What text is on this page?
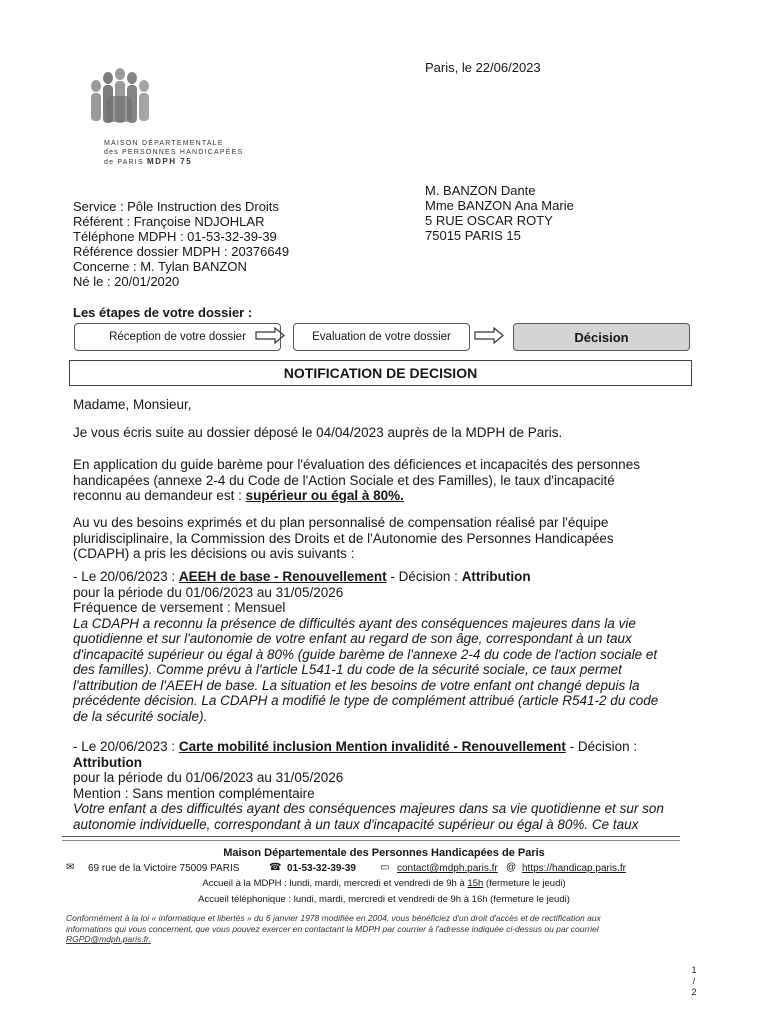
MAISON DÉPARTEMENTALE
des PERSONNES HANDICAPÉES
de PARIS MDPH 75
Paris, le 22/06/2023
M. BANZON Dante
Mme BANZON Ana Marie
5 RUE OSCAR ROTY
75015 PARIS 15
Service : Pôle Instruction des Droits
Référent : Françoise NDJOHLAR
Téléphone MDPH : 01-53-32-39-39
Référence dossier MDPH : 20376649
Concerne : M. Tylan BANZON
Né le : 20/01/2020
Les étapes de votre dossier :
Réception de votre dossier	Evaluation de votre dossier	Décision
NOTIFICATION DE DECISION
Madame, Monsieur,
Je vous écris suite au dossier déposé le 04/04/2023 auprès de la MDPH de Paris.
En application du guide barème pour l'évaluation des déficiences et incapacités des personnes
handicapées (annexe 2-4 du Code de l'Action Sociale et des Familles), le taux d'incapacité
reconnu au demandeur est : supérieur ou égal à 80%.
Au vu des besoins exprimés et du plan personnalisé de compensation réalisé par l'équipe
pluridisciplinaire, la Commission des Droits et de l'Autonomie des Personnes Handicapées
(CDAPH) a pris les décisions ou avis suivants :
- Le 20/06/2023 : AEEH de base - Renouvellement - Décision : Attribution
pour la période du 01/06/2023 au 31/05/2026
Fréquence de versement : Mensuel
La CDAPH a reconnu la présence de difficultés ayant des conséquences majeures dans la vie
quotidienne et sur l'autonomie de votre enfant au regard de son âge, correspondant à un taux
d'incapacité supérieur ou égal à 80% (guide barème de l'annexe 2-4 du code de l'action sociale et
des familles). Comme prévu à l'article L541-1 du code de la sécurité sociale, ce taux permet
l'attribution de l'AEEH de base. La situation et les besoins de votre enfant ont changé depuis la
précédente décision. La CDAPH a modifié le type de complément attribué (article R541-2 du code
de la sécurité sociale).
- Le 20/06/2023 : Carte mobilité inclusion Mention invalidité - Renouvellement - Décision :
Attribution
pour la période du 01/06/2023 au 31/05/2026
Mention : Sans mention complémentaire
Votre enfant a des difficultés ayant des conséquences majeures dans sa vie quotidienne et sur son
autonomie individuelle, correspondant à un taux d'incapacité supérieur ou égal à 80%. Ce taux
Maison Départementale des Personnes Handicapées de Paris
✉ 69 rue de la Victoire 75009 PARIS	☎ 01-53-32-39-39 ▭ contact@mdph.paris.fr @ https://handicap.paris.fr
Accueil à la MDPH : lundi, mardi, mercredi et vendredi de 9h à 15h (fermeture le jeudi)
Accueil téléphonique : lundi, mardi, mercredi et vendredi de 9h à 16h (fermeture le jeudi)
Conformément à la loi « informatique et libertés » du 6 janvier 1978 modifiée en 2004, vous bénéficiez d'un droit d'accès et de rectification aux
informations qui vous concernent, que vous pouvez exercer en contactant la MDPH par courrier à l'adresse indiquée ci-dessus ou par courriel
RGPD@mdph.paris.fr.
1
/
2
